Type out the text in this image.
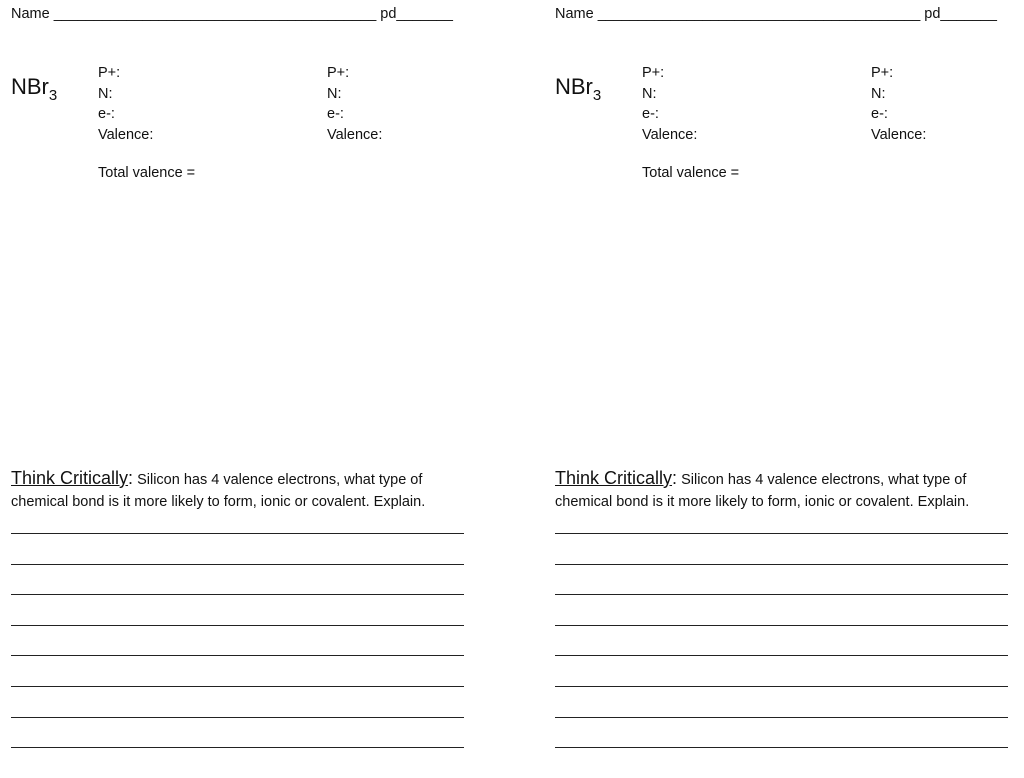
Name ________________________________________ pd_______
NBr$_3$
P+:
N:
e-:
Valence:
P+:
N:
e-:
Valence:
Total valence =
Think Critically: Silicon has 4 valence electrons, what type of chemical bond is it more likely to form, ionic or covalent. Explain.
Name ________________________________________ pd_______
NBr$_3$
P+:
N:
e-:
Valence:
P+:
N:
e-:
Valence:
Total valence =
Think Critically: Silicon has 4 valence electrons, what type of chemical bond is it more likely to form, ionic or covalent. Explain.
